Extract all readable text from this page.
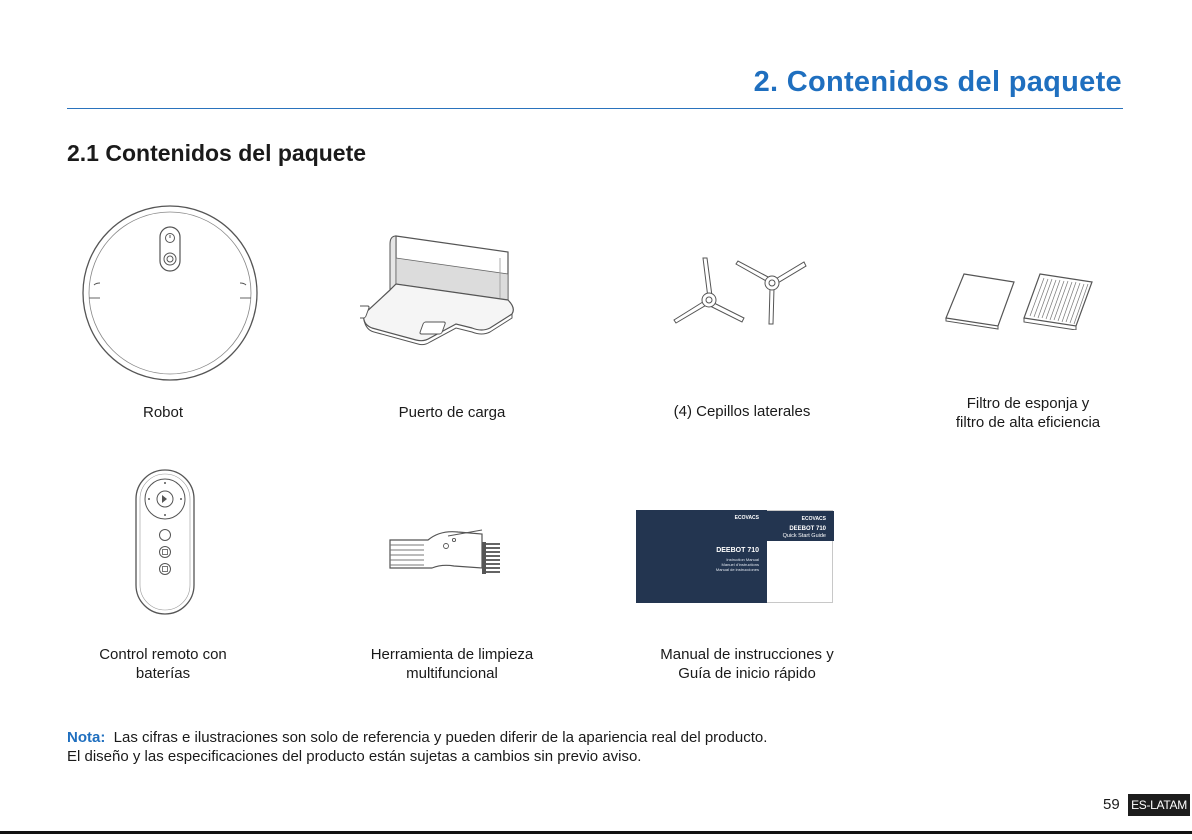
2. Contenidos del paquete
2.1 Contenidos del paquete
Robot	Puerto de carga	(4) Cepillos laterales	Filtro de esponja y
filtro de alta eficiencia
Control remoto con
baterías
Herramienta de limpieza
multifuncional
ECOVACS
DEEBOT 710
Quick Start Guide
ECOVACS
DEEBOT 710
Instruction Manual
Manuel d'instructions
Manual de instrucciones
Manual de instrucciones y
Guía de inicio rápido
Nota: Las cifras e ilustraciones son solo de referencia y pueden diferir de la apariencia real del producto.
El diseño y las especificaciones del producto están sujetas a cambios sin previo aviso.
59 ES-LATAM
